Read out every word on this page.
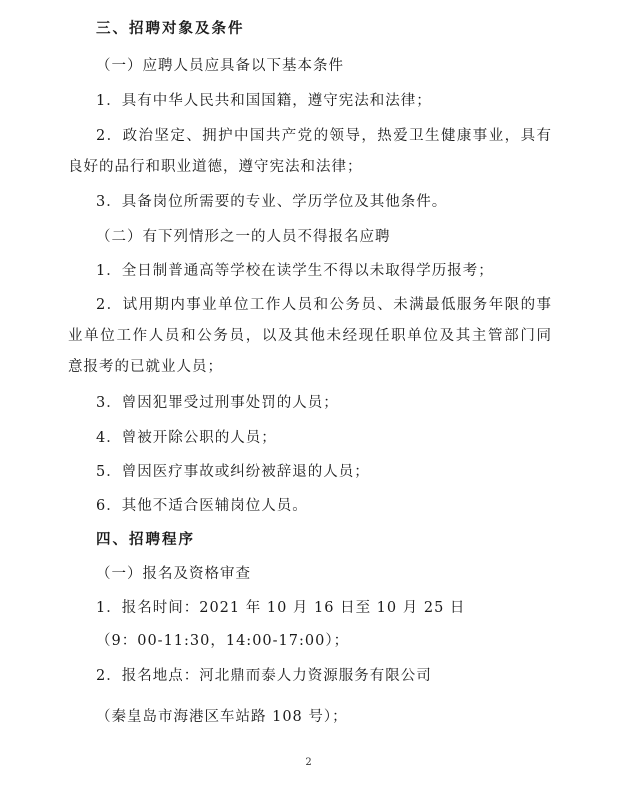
三、招聘对象及条件
（一）应聘人员应具备以下基本条件
1．具有中华人民共和国国籍，遵守宪法和法律；
2．政治坚定、拥护中国共产党的领导，热爱卫生健康事业，具有
良好的品行和职业道德，遵守宪法和法律；
3．具备岗位所需要的专业、学历学位及其他条件。
（二）有下列情形之一的人员不得报名应聘
1．全日制普通高等学校在读学生不得以未取得学历报考；
2．试用期内事业单位工作人员和公务员、未满最低服务年限的事
业单位工作人员和公务员，以及其他未经现任职单位及其主管部门同
意报考的已就业人员；
3．曾因犯罪受过刑事处罚的人员；
4．曾被开除公职的人员；
5．曾因医疗事故或纠纷被辞退的人员；
6．其他不适合医辅岗位人员。
四、招聘程序
（一）报名及资格审查
1．报名时间：2021 年 10 月 16 日至 10 月 25 日
（9：00-11:30，14:00-17:00）；
2．报名地点：河北鼎而泰人力资源服务有限公司
（秦皇岛市海港区车站路 108 号）；
2
